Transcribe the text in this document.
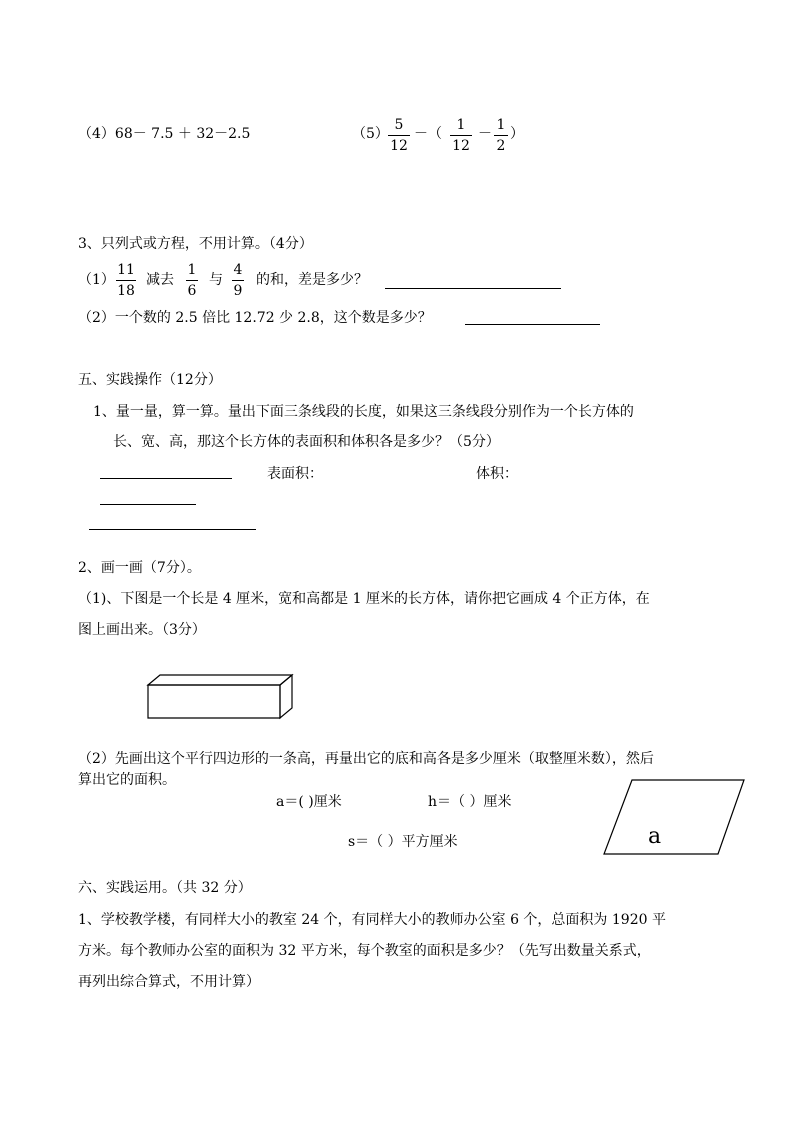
（4）68－ 7.5 ＋ 32－2.5	$(5) \frac{5}{12}$ －（ $\frac{1}{12} - \frac{1}{2}$ ）
3、只列式或方程，不用计算。（4分）
$(1) \frac{11}{18}$ 减去 $\frac{1}{6}$ 与 $\frac{4}{9}$ 的和，差是多少？
（2）一个数的 2.5 倍比 12.72 少 2.8，这个数是多少？
五、实践操作（12分）
1、量一量，算一算。量出下面三条线段的长度，如果这三条线段分别作为一个长方体的
长、宽、高，那这个长方体的表面积和体积各是多少？（5分）
表面积：	体积：
2、画一画（7分）。
（1)、下图是一个长是 4 厘米，宽和高都是 1 厘米的长方体，请你把它画成 4 个正方体，在
图上画出来。（3分）
（2）先画出这个平行四边形的一条高，再量出它的底和高各是多少厘米（取整厘米数），然后
算出它的面积。
a＝( )厘米	h＝（ ）厘米
s＝（ ）平方厘米	a
六、实践运用。（共 32 分）
1、学校教学楼，有同样大小的教室 24 个，有同样大小的教师办公室 6 个，总面积为 1920 平
方米。每个教师办公室的面积为 32 平方米，每个教室的面积是多少？（先写出数量关系式，
再列出综合算式，不用计算）
